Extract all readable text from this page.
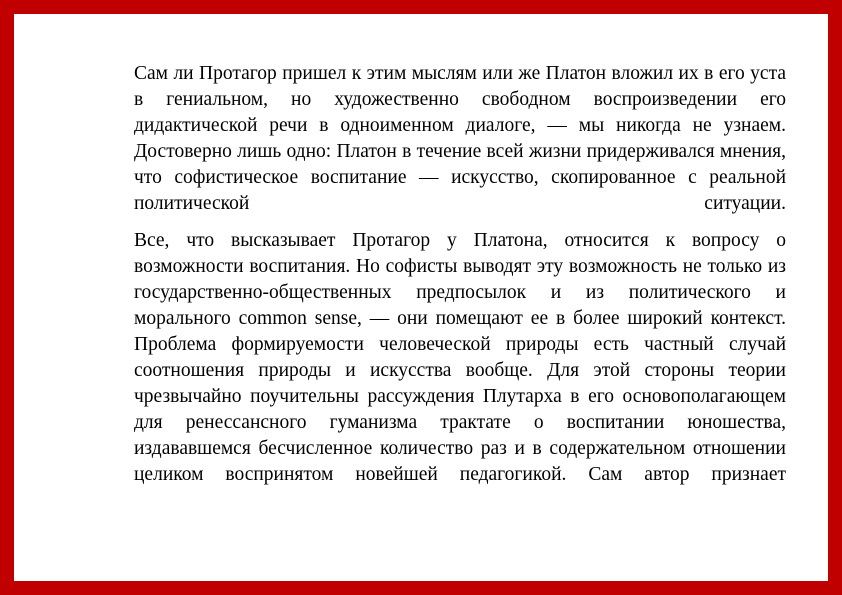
Сам ли Протагор пришел к этим мыслям или же Платон вложил их в его уста в гениальном, но художественно свободном воспроизведении его дидактической речи в одноименном диалоге, — мы никогда не узнаем. Достоверно лишь одно: Платон в течение всей жизни придерживался мнения, что софистическое воспитание — искусство, скопированное с реальной политической ситуации.

Все, что высказывает Протагор у Платона, относится к вопросу о возможности воспитания. Но софисты выводят эту возможность не только из государственно-общественных предпосылок и из политического и морального common sense, — они помещают ее в более широкий контекст. Проблема формируемости человеческой природы есть частный случай соотношения природы и искусства вообще. Для этой стороны теории чрезвычайно поучительны рассуждения Плутарха в его основополагающем для ренессансного гуманизма трактате о воспитании юношества, издававшемся бесчисленное количество раз и в содержательном отношении целиком воспринятом новейшей педагогикой. Сам автор признает
